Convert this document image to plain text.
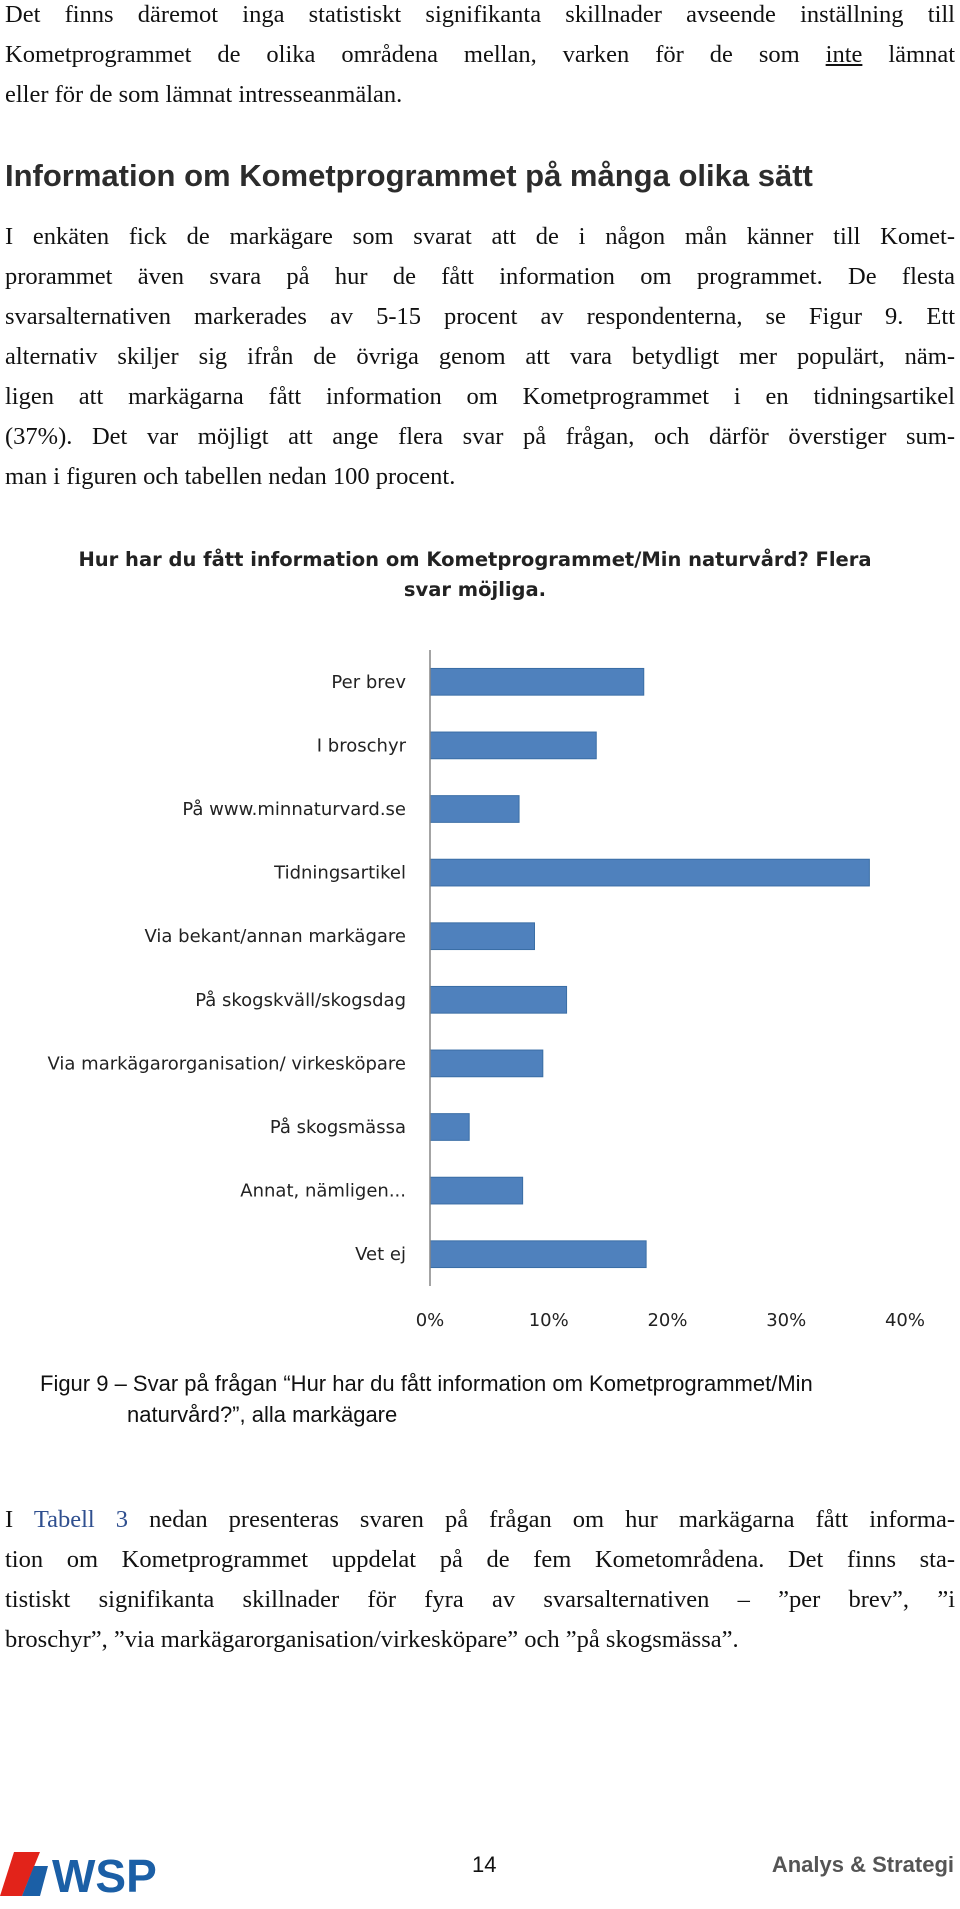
Det finns däremot inga statistiskt signifikanta skillnader avseende inställning till
Kometprogrammet de olika områdena mellan, varken för de som inte lämnat
eller för de som lämnat intresseanmälan.
Information om Kometprogrammet på många olika sätt
I enkäten fick de markägare som svarat att de i någon mån känner till Komet-
prorammet även svara på hur de fått information om programmet. De flesta
svarsalternativen markerades av 5-15 procent av respondenterna, se Figur 9. Ett
alternativ skiljer sig ifrån de övriga genom att vara betydligt mer populärt, näm-
ligen att markägarna fått information om Kometprogrammet i en tidningsartikel
(37%). Det var möjligt att ange flera svar på frågan, och därför överstiger sum-
man i figuren och tabellen nedan 100 procent.
Hur har du fått information om Kometprogrammet/Min naturvård? Flera
svar möjliga.
Per brev
I broschyr
På www.minnaturvard.se
Tidningsartikel
Via bekant/annan markägare
På skogskväll/skogsdag
Via markägarorganisation/ virkesköpare
På skogsmässa
Annat, nämligen...
Vet ej
0%	10%	20%	30%	40%
Figur 9 – Svar på frågan “Hur har du fått information om Kometprogrammet/Min
naturvård?”, alla markägare
I Tabell 3 nedan presenteras svaren på frågan om hur markägarna fått informa-
tion om Kometprogrammet uppdelat på de fem Kometområdena. Det finns sta-
tistiskt signifikanta skillnader för fyra av svarsalternativen – ”per brev”, ”i
broschyr”, ”via markägarorganisation/virkesköpare” och ”på skogsmässa”.
WSP	14	Analys & Strategi
